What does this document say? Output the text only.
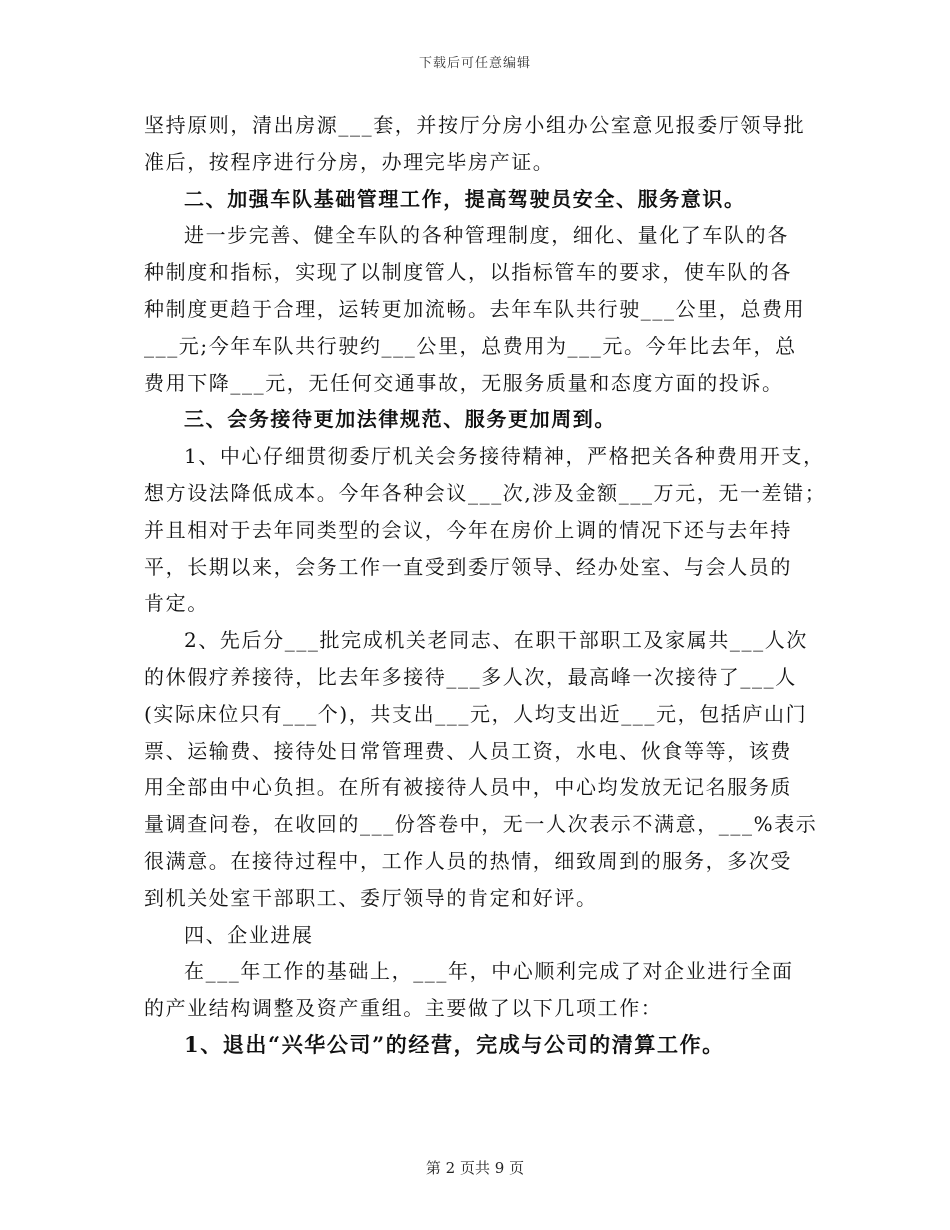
下载后可任意编辑

坚持原则，清出房源___套，并按厅分房小组办公室意见报委厅领导批
准后，按程序进行分房，办理完毕房产证。

二、加强车队基础管理工作，提高驾驶员安全、服务意识。

进一步完善、健全车队的各种管理制度，细化、量化了车队的各
种制度和指标，实现了以制度管人，以指标管车的要求，使车队的各
种制度更趋于合理，运转更加流畅。去年车队共行驶___公里，总费用
___元;今年车队共行驶约___公里，总费用为___元。今年比去年，总
费用下降___元，无任何交通事故，无服务质量和态度方面的投诉。

三、会务接待更加法律规范、服务更加周到。

1、中心仔细贯彻委厅机关会务接待精神，严格把关各种费用开支，
想方设法降低成本。今年各种会议___次,涉及金额___万元，无一差错；
并且相对于去年同类型的会议，今年在房价上调的情况下还与去年持
平，长期以来，会务工作一直受到委厅领导、经办处室、与会人员的
肯定。

2、先后分___批完成机关老同志、在职干部职工及家属共___人次
的休假疗养接待，比去年多接待___多人次，最高峰一次接待了___人
(实际床位只有___个)，共支出___元，人均支出近___元，包括庐山门
票、运输费、接待处日常管理费、人员工资，水电、伙食等等，该费
用全部由中心负担。在所有被接待人员中，中心均发放无记名服务质
量调查问卷，在收回的___份答卷中，无一人次表示不满意，___%表示
很满意。在接待过程中，工作人员的热情，细致周到的服务，多次受
到机关处室干部职工、委厅领导的肯定和好评。

四、企业进展

在___年工作的基础上，___年，中心顺利完成了对企业进行全面
的产业结构调整及资产重组。主要做了以下几项工作：

1、退出“兴华公司”的经营，完成与公司的清算工作。

第 2 页共 9 页
